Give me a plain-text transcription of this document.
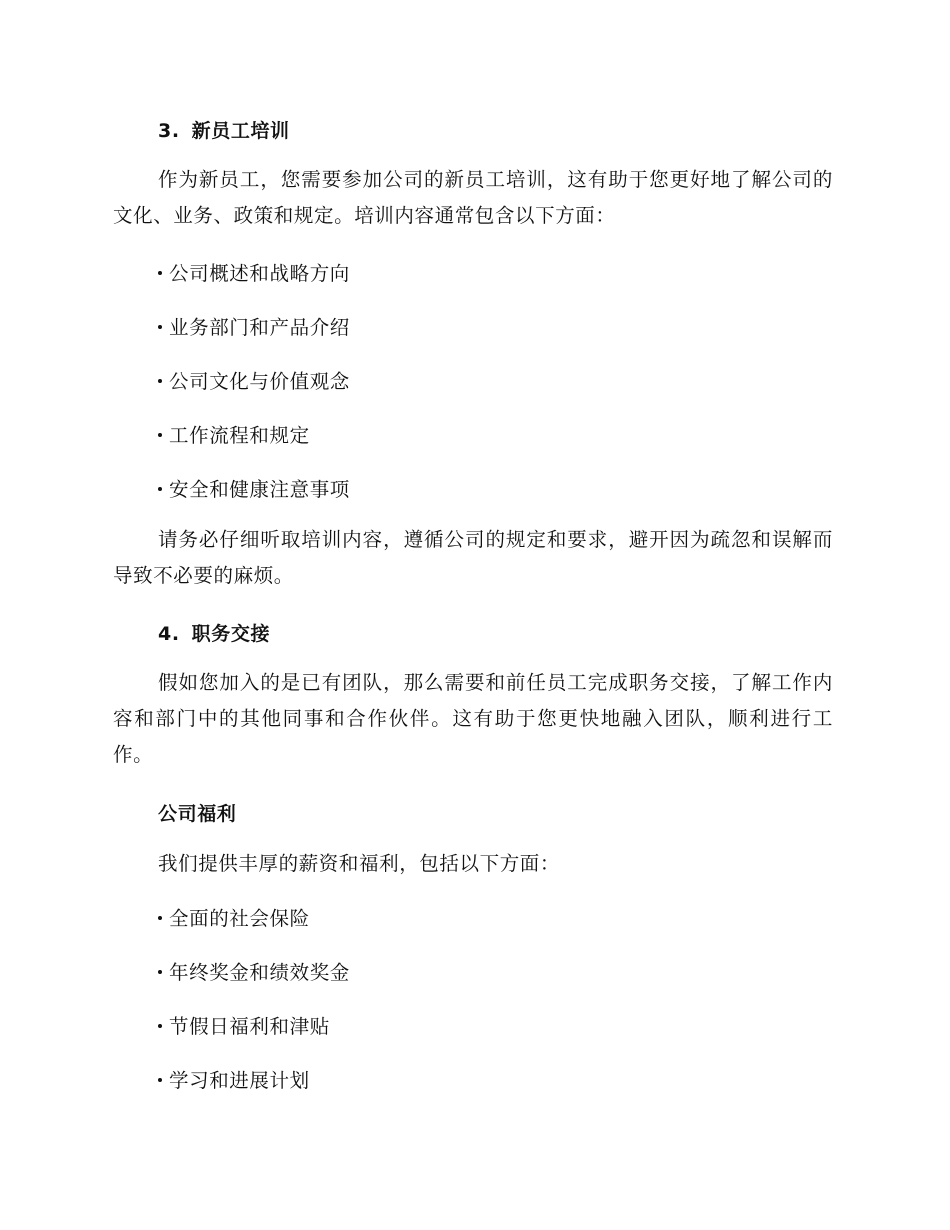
3. 新员工培训
作为新员工，您需要参加公司的新员工培训，这有助于您更好地了解公司的文化、业务、政策和规定。培训内容通常包含以下方面：
公司概述和战略方向
业务部门和产品介绍
公司文化与价值观念
工作流程和规定
安全和健康注意事项
请务必仔细听取培训内容，遵循公司的规定和要求，避开因为疏忽和误解而导致不必要的麻烦。
4. 职务交接
假如您加入的是已有团队，那么需要和前任员工完成职务交接，了解工作内容和部门中的其他同事和合作伙伴。这有助于您更快地融入团队，顺利进行工作。
公司福利
我们提供丰厚的薪资和福利，包括以下方面：
全面的社会保险
年终奖金和绩效奖金
节假日福利和津贴
学习和进展计划
